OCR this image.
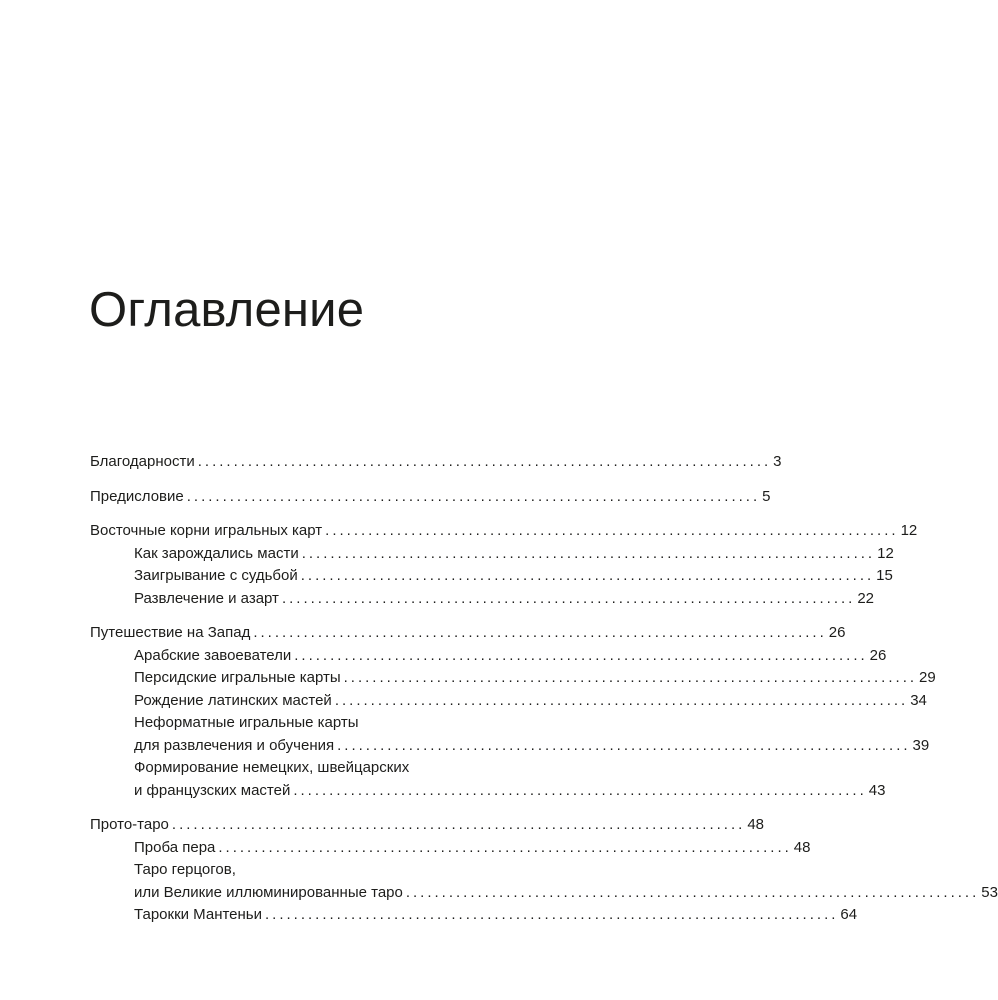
Оглавление
Благодарности ................................................................................ 3
Предисловие ................................................................................ 5
Восточные корни игральных карт ................................................................................ 12
Как зарождались масти ................................................................................ 12
Заигрывание с судьбой ................................................................................ 15
Развлечение и азарт ................................................................................ 22
Путешествие на Запад ................................................................................ 26
Арабские завоеватели ................................................................................ 26
Персидские игральные карты ................................................................................ 29
Рождение латинских мастей ................................................................................ 34
Неформатные игральные карты
для развлечения и обучения ................................................................................ 39
Формирование немецких, швейцарских
и французских мастей ................................................................................ 43
Прото-таро ................................................................................ 48
Проба пера ................................................................................ 48
Таро герцогов,
или Великие иллюминированные таро ................................................................................ 53
Тарокки Мантеньи ................................................................................ 64
